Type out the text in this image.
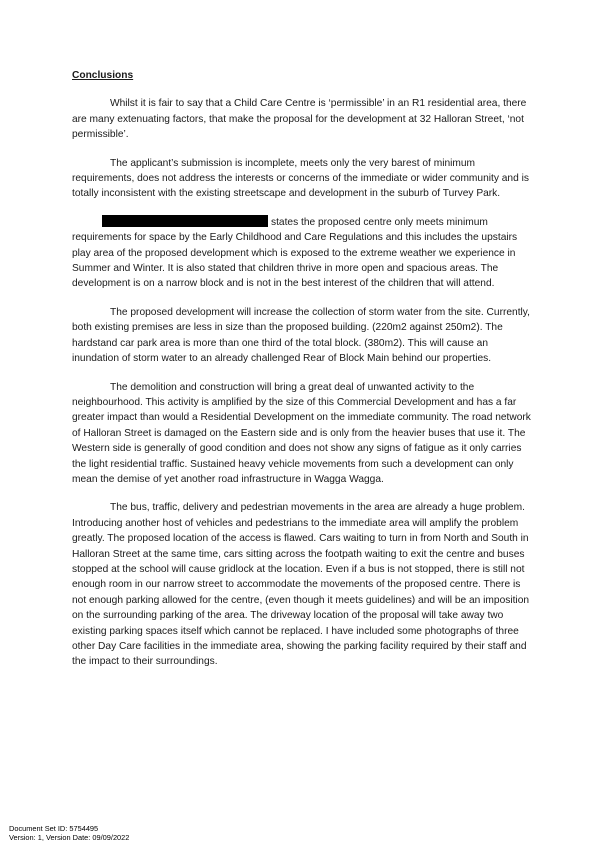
Conclusions

Whilst it is fair to say that a Child Care Centre is ‘permissible’ in an R1 residential area, there are many extenuating factors, that make the proposal for the development at 32 Halloran Street, ‘not permissible’.

The applicant’s submission is incomplete, meets only the very barest of minimum requirements, does not address the interests or concerns of the immediate or wider community and is totally inconsistent with the existing streetscape and development in the suburb of Turvey Park.

states the proposed centre only meets minimum requirements for space by the Early Childhood and Care Regulations and this includes the upstairs play area of the proposed development which is exposed to the extreme weather we experience in Summer and Winter. It is also stated that children thrive in more open and spacious areas. The development is on a narrow block and is not in the best interest of the children that will attend.

The proposed development will increase the collection of storm water from the site. Currently, both existing premises are less in size than the proposed building. (220m2 against 250m2). The hardstand car park area is more than one third of the total block. (380m2). This will cause an inundation of storm water to an already challenged Rear of Block Main behind our properties.

The demolition and construction will bring a great deal of unwanted activity to the neighbourhood. This activity is amplified by the size of this Commercial Development and has a far greater impact than would a Residential Development on the immediate community. The road network of Halloran Street is damaged on the Eastern side and is only from the heavier buses that use it. The Western side is generally of good condition and does not show any signs of fatigue as it only carries the light residential traffic. Sustained heavy vehicle movements from such a development can only mean the demise of yet another road infrastructure in Wagga Wagga.

The bus, traffic, delivery and pedestrian movements in the area are already a huge problem. Introducing another host of vehicles and pedestrians to the immediate area will amplify the problem greatly. The proposed location of the access is flawed. Cars waiting to turn in from North and South in Halloran Street at the same time, cars sitting across the footpath waiting to exit the centre and buses stopped at the school will cause gridlock at the location. Even if a bus is not stopped, there is still not enough room in our narrow street to accommodate the movements of the proposed centre. There is not enough parking allowed for the centre, (even though it meets guidelines) and will be an imposition on the surrounding parking of the area. The driveway location of the proposal will take away two existing parking spaces itself which cannot be replaced. I have included some photographs of three other Day Care facilities in the immediate area, showing the parking facility required by their staff and the impact to their surroundings.

Document Set ID: 5754495
Version: 1, Version Date: 09/09/2022
